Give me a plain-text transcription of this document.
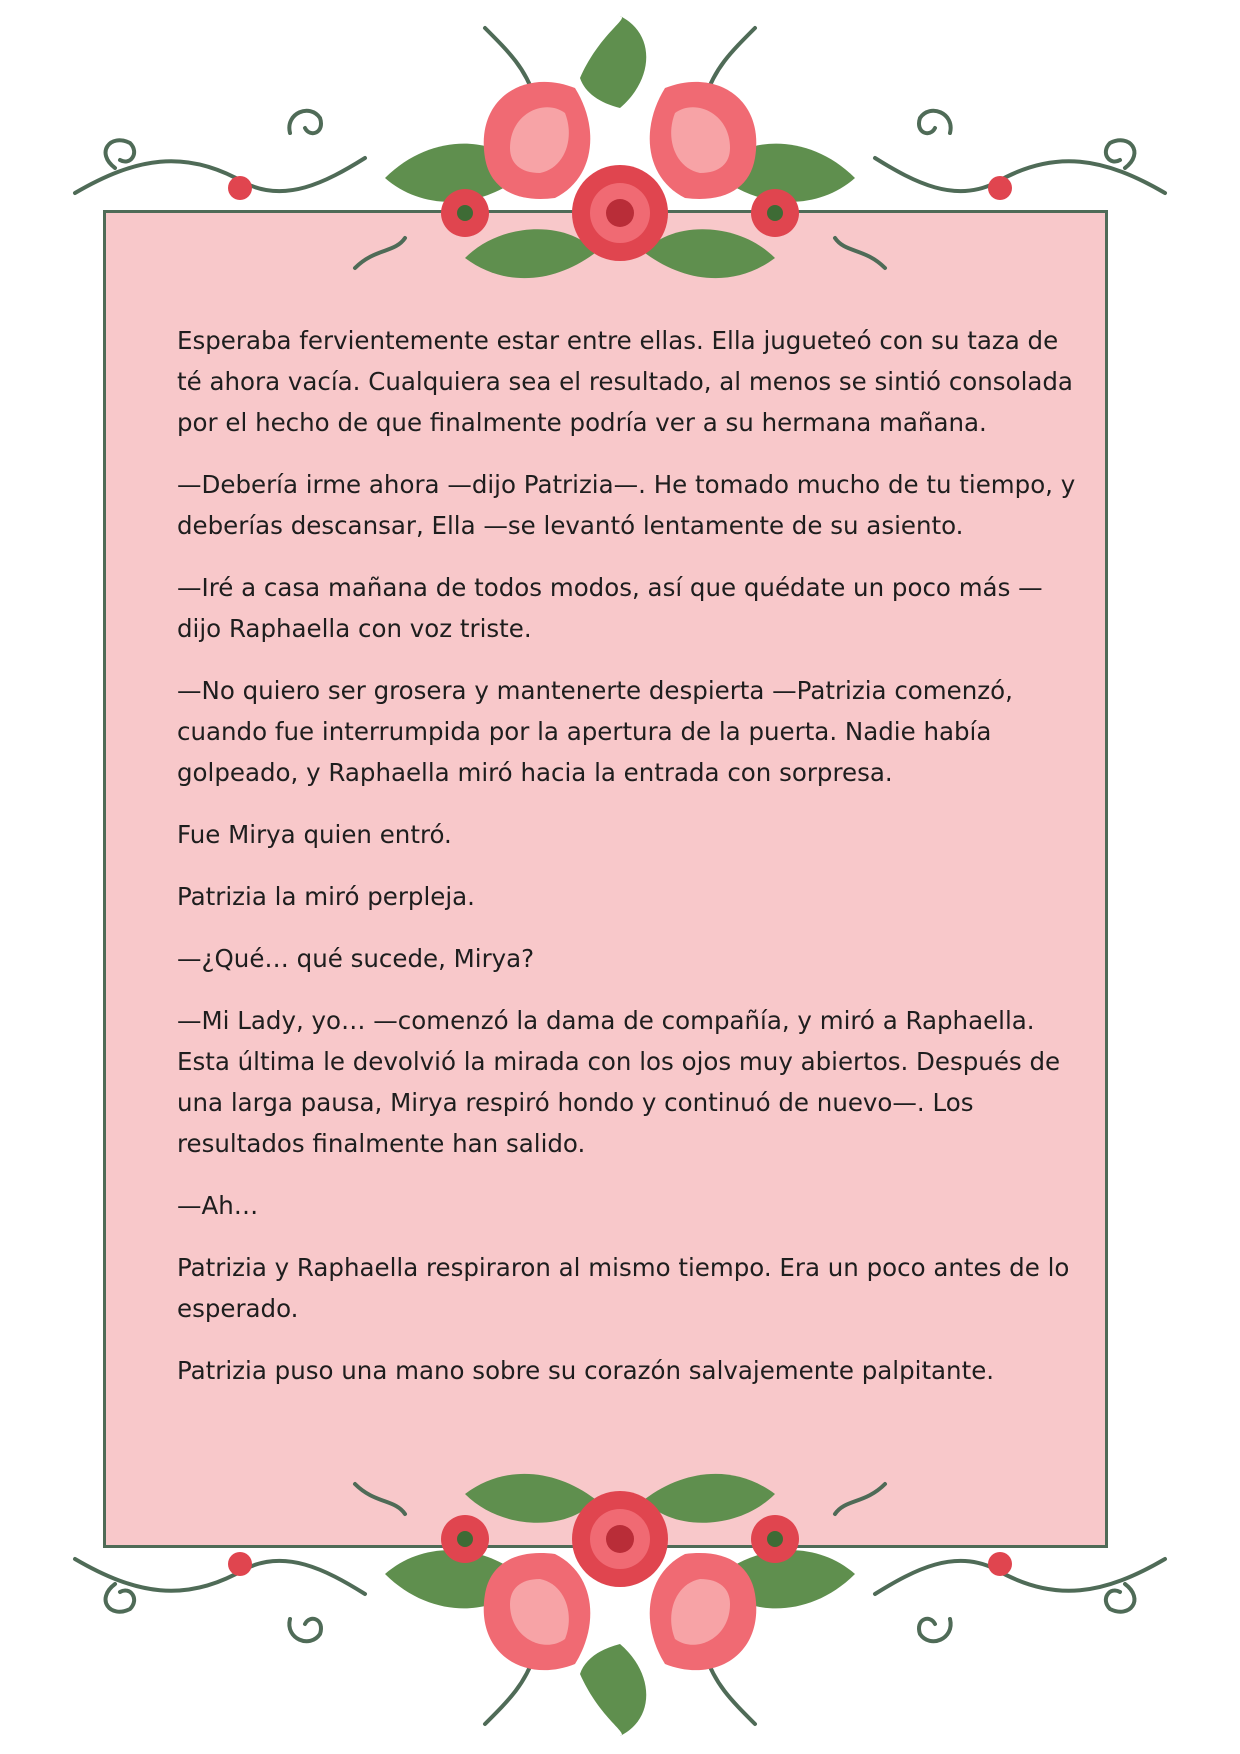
Esperaba fervientemente estar entre ellas. Ella jugueteó con su taza de té ahora vacía. Cualquiera sea el resultado, al menos se sintió consolada por el hecho de que finalmente podría ver a su hermana mañana.

—Debería irme ahora —dijo Patrizia—. He tomado mucho de tu tiempo, y deberías descansar, Ella —se levantó lentamente de su asiento.

—Iré a casa mañana de todos modos, así que quédate un poco más —dijo Raphaella con voz triste.

—No quiero ser grosera y mantenerte despierta —Patrizia comenzó, cuando fue interrumpida por la apertura de la puerta. Nadie había golpeado, y Raphaella miró hacia la entrada con sorpresa.

Fue Mirya quien entró.

Patrizia la miró perpleja.

—¿Qué… qué sucede, Mirya?

—Mi Lady, yo… —comenzó la dama de compañía, y miró a Raphaella. Esta última le devolvió la mirada con los ojos muy abiertos. Después de una larga pausa, Mirya respiró hondo y continuó de nuevo—. Los resultados finalmente han salido.

—Ah…

Patrizia y Raphaella respiraron al mismo tiempo. Era un poco antes de lo esperado.

Patrizia puso una mano sobre su corazón salvajemente palpitante.
